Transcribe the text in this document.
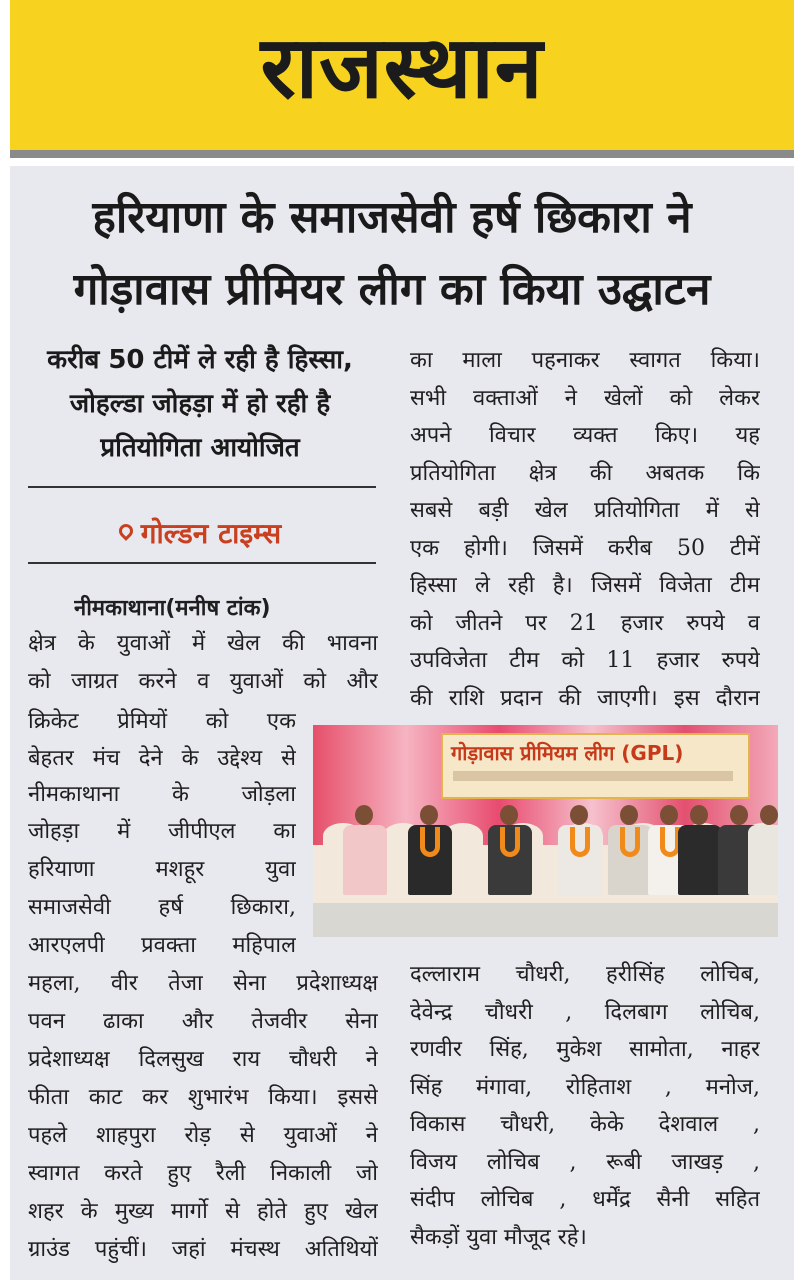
राजस्थान
हरियाणा के समाजसेवी हर्ष छिकारा ने
गोड़ावास प्रीमियर लीग का किया उद्घाटन
करीब 50 टीमें ले रही है हिस्सा,
जोहल्डा जोहड़ा में हो रही है
प्रतियोगिता आयोजित
गोल्डन टाइम्स
नीमकाथाना(मनीष टांक)
क्षेत्र के युवाओं में खेल की भावना
को जाग्रत करने व युवाओं को और
क्रिकेट प्रेमियों को एक
बेहतर मंच देने के उद्देश्य से
नीमकाथाना के जोड़ला
जोहड़ा में जीपीएल का
हरियाणा मशहूर युवा
समाजसेवी हर्ष छिकारा,
आरएलपी प्रवक्ता महिपाल
महला, वीर तेजा सेना प्रदेशाध्यक्ष
पवन ढाका और तेजवीर सेना
प्रदेशाध्यक्ष दिलसुख राय चौधरी ने
फीता काट कर शुभारंभ किया। इससे
पहले शाहपुरा रोड़ से युवाओं ने
स्वागत करते हुए रैली निकाली जो
शहर के मुख्य मार्गो से होते हुए खेल
ग्राउंड पहुंचीं। जहां मंचस्थ अतिथियों
का माला पहनाकर स्वागत किया।
सभी वक्ताओं ने खेलों को लेकर
अपने विचार व्यक्त किए। यह
प्रतियोगिता क्षेत्र की अबतक कि
सबसे बड़ी खेल प्रतियोगिता में से
एक होगी। जिसमें करीब 50 टीमें
हिस्सा ले रही है। जिसमें विजेता टीम
को जीतने पर 21 हजार रुपये व
उपविजेता टीम को 11 हजार रुपये
की राशि प्रदान की जाएगी। इस दौरान
दल्लाराम चौधरी, हरीसिंह लोचिब,
देवेन्द्र चौधरी , दिलबाग लोचिब,
रणवीर सिंह, मुकेश सामोता, नाहर
सिंह मंगावा, रोहिताश , मनोज,
विकास चौधरी, केके देशवाल ,
विजय लोचिब , रूबी जाखड़ ,
संदीप लोचिब , धर्मेंद्र सैनी सहित
सैकड़ों युवा मौजूद रहे।
गोड़ावास प्रीमियम लीग (GPL)
